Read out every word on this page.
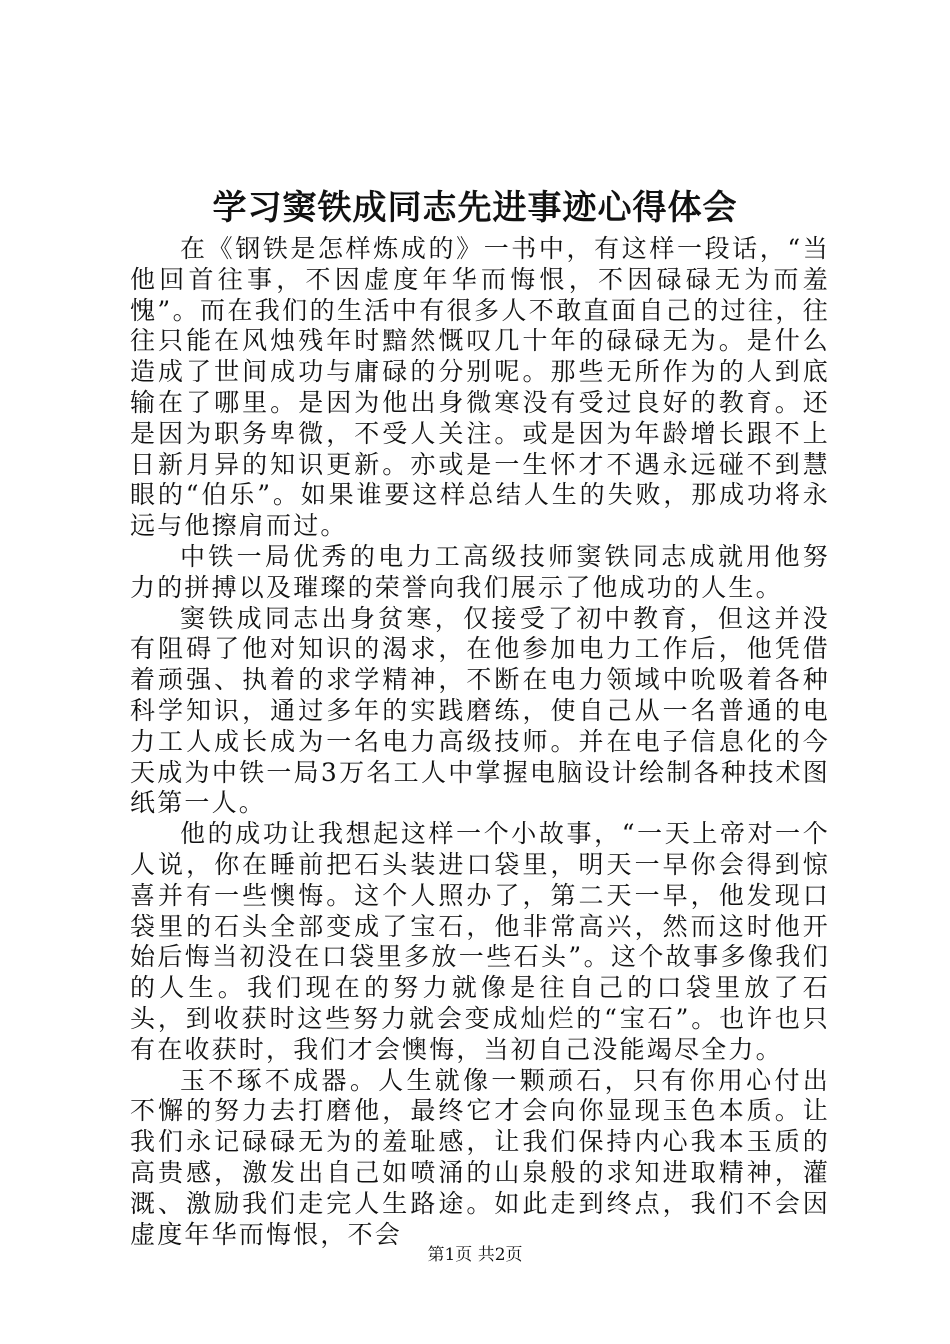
学习窦铁成同志先进事迹心得体会

在《钢铁是怎样炼成的》一书中，有这样一段话，“当他回首往事，不因虚度年华而悔恨，不因碌碌无为而羞愧”。而在我们的生活中有很多人不敢直面自己的过往，往往只能在风烛残年时黯然慨叹几十年的碌碌无为。是什么造成了世间成功与庸碌的分别呢。那些无所作为的人到底输在了哪里。是因为他出身微寒没有受过良好的教育。还是因为职务卑微，不受人关注。或是因为年龄增长跟不上日新月异的知识更新。亦或是一生怀才不遇永远碰不到慧眼的“伯乐”。如果谁要这样总结人生的失败，那成功将永远与他擦肩而过。

中铁一局优秀的电力工高级技师窦铁同志成就用他努力的拼搏以及璀璨的荣誉向我们展示了他成功的人生。

窦铁成同志出身贫寒，仅接受了初中教育，但这并没有阻碍了他对知识的渴求，在他参加电力工作后，他凭借着顽强、执着的求学精神，不断在电力领域中吮吸着各种科学知识，通过多年的实践磨练，使自己从一名普通的电力工人成长成为一名电力高级技师。并在电子信息化的今天成为中铁一局3万名工人中掌握电脑设计绘制各种技术图纸第一人。

他的成功让我想起这样一个小故事，“一天上帝对一个人说，你在睡前把石头装进口袋里，明天一早你会得到惊喜并有一些懊悔。这个人照办了，第二天一早，他发现口袋里的石头全部变成了宝石，他非常高兴，然而这时他开始后悔当初没在口袋里多放一些石头”。这个故事多像我们的人生。我们现在的努力就像是往自己的口袋里放了石头，到收获时这些努力就会变成灿烂的“宝石”。也许也只有在收获时，我们才会懊悔，当初自己没能竭尽全力。

玉不琢不成器。人生就像一颗顽石，只有你用心付出不懈的努力去打磨他，最终它才会向你显现玉色本质。让我们永记碌碌无为的羞耻感，让我们保持内心我本玉质的高贵感，激发出自己如喷涌的山泉般的求知进取精神，灌溉、激励我们走完人生路途。如此走到终点，我们不会因虚度年华而悔恨，不会

第1页 共2页
